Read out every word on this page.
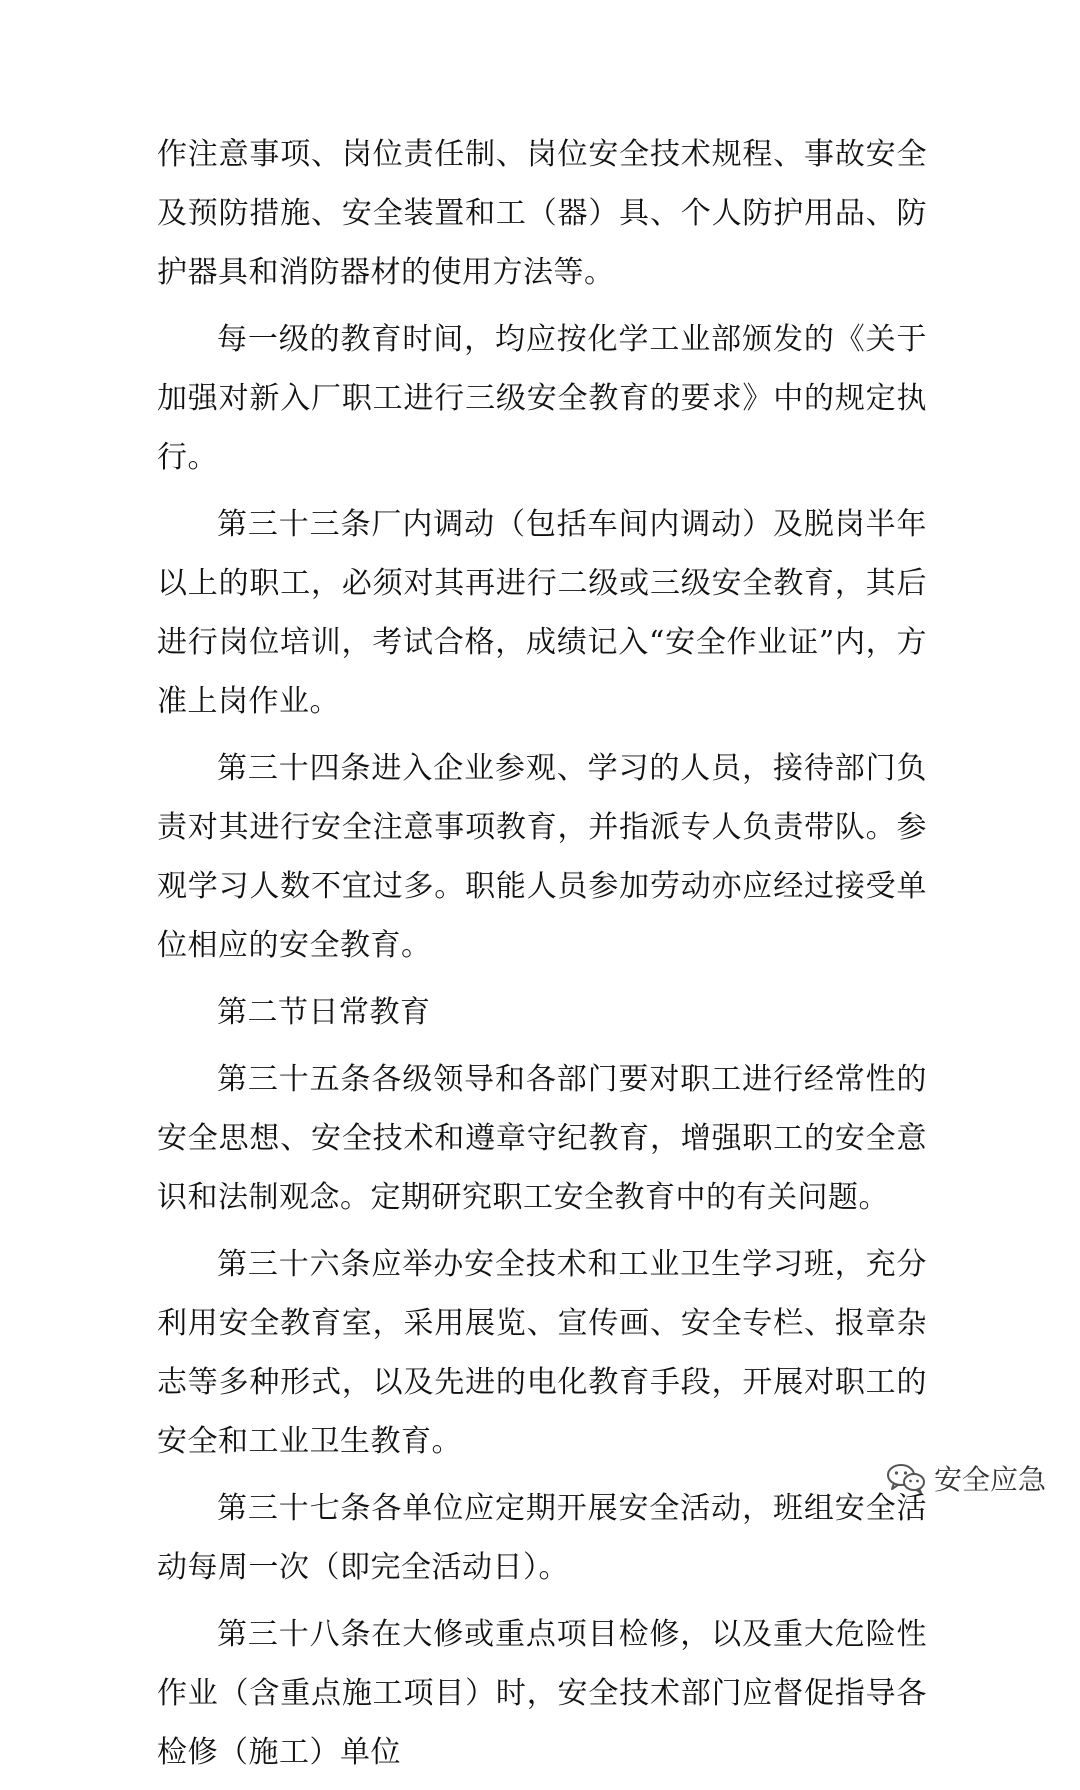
作注意事项、岗位责任制、岗位安全技术规程、事故安全及预防措施、安全装置和工（器）具、个人防护用品、防护器具和消防器材的使用方法等。

每一级的教育时间，均应按化学工业部颁发的《关于加强对新入厂职工进行三级安全教育的要求》中的规定执行。

第三十三条厂内调动（包括车间内调动）及脱岗半年以上的职工，必须对其再进行二级或三级安全教育，其后进行岗位培训，考试合格，成绩记入“安全作业证”内，方准上岗作业。

第三十四条进入企业参观、学习的人员，接待部门负责对其进行安全注意事项教育，并指派专人负责带队。参观学习人数不宜过多。职能人员参加劳动亦应经过接受单位相应的安全教育。

第二节日常教育

第三十五条各级领导和各部门要对职工进行经常性的安全思想、安全技术和遵章守纪教育，增强职工的安全意识和法制观念。定期研究职工安全教育中的有关问题。

第三十六条应举办安全技术和工业卫生学习班，充分利用安全教育室，采用展览、宣传画、安全专栏、报章杂志等多种形式，以及先进的电化教育手段，开展对职工的安全和工业卫生教育。

第三十七条各单位应定期开展安全活动，班组安全活动每周一次（即完全活动日）。

第三十八条在大修或重点项目检修，以及重大危险性作业（含重点施工项目）时，安全技术部门应督促指导各检修（施工）单位

安全应急
